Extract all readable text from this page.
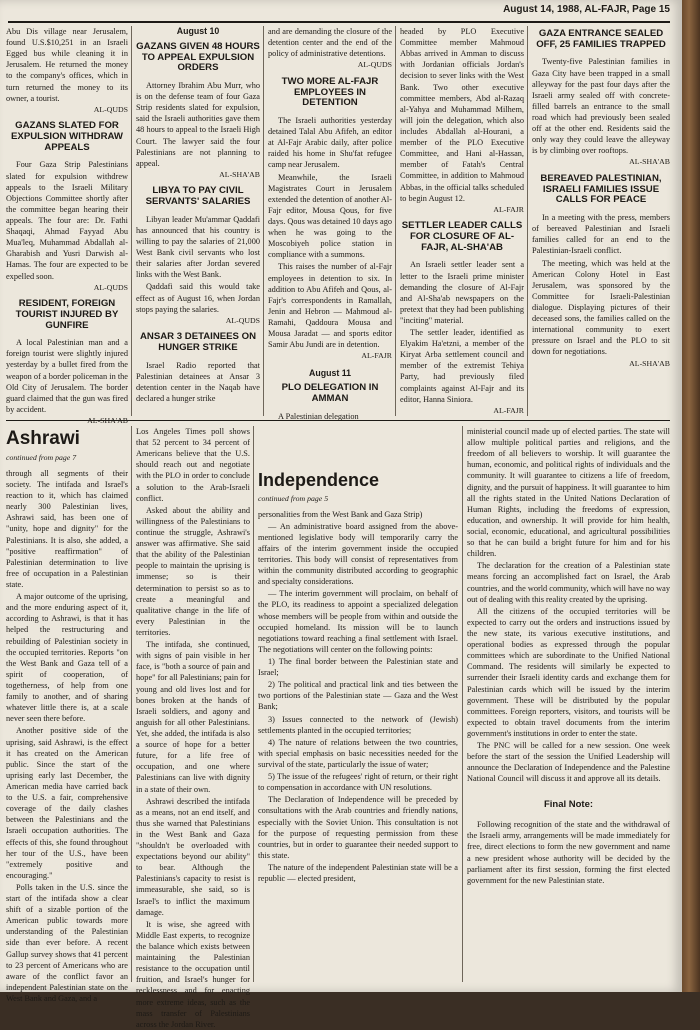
August 14, 1988, AL-FAJR, Page 15

Abu Dis village near Jerusalem, found U.S.$10,251 in an Israeli Egged bus while cleaning it in Jerusalem. He returned the money to the company's offices, which in turn returned the money to its owner, a tourist.

AL-QUDS
GAZANS SLATED FOR EXPULSION WITHDRAW APPEALS

Four Gaza Strip Palestinians slated for expulsion withdrew appeals to the Israeli Military Objections Committee shortly after the committee began hearing their appeals. The four are: Dr. Fathi Shaqaqi, Ahmad Fayyad Abu Mua'leq, Muhammad Abdallah al-Gharabish and Yusri Darwish al-Hamas. The four are expected to be expelled soon.

AL-QUDS
RESIDENT, FOREIGN TOURIST INJURED BY GUNFIRE

A local Palestinian man and a foreign tourist were slightly injured yesterday by a bullet fired from the weapon of a border policeman in the Old City of Jerusalem. The border guard claimed that the gun was fired by accident.

AL-SHA'AB
August 10
GAZANS GIVEN 48 HOURS TO APPEAL EXPULSION ORDERS

Attorney Ibrahim Abu Murr, who is on the defense team of four Gaza Strip residents slated for expulsion, said the Israeli authorities gave them 48 hours to appeal to the Israeli High Court. The lawyer said the four Palestinians are not planning to appeal.

AL-SHA'AB
LIBYA TO PAY CIVIL SERVANTS' SALARIES

Libyan leader Mu'ammar Qaddafi has announced that his country is willing to pay the salaries of 21,000 West Bank civil servants who lost their salaries after Jordan severed links with the West Bank.

Qaddafi said this would take effect as of August 16, when Jordan stops paying the salaries.

AL-QUDS
ANSAR 3 DETAINEES ON HUNGER STRIKE

Israel Radio reported that Palestinian detainees at Ansar 3 detention center in the Naqab have declared a hunger strike

and are demanding the closure of the detention center and the end of the policy of administrative detentions.

AL-QUDS
TWO MORE AL-FAJR EMPLOYEES IN DETENTION

The Israeli authorities yesterday detained Talal Abu Afifeh, an editor at Al-Fajr Arabic daily, after police raided his home in Shu'fat refugee camp near Jerusalem.

Meanwhile, the Israeli Magistrates Court in Jerusalem extended the detention of another Al-Fajr editor, Mousa Qous, for five days. Qous was detained 10 days ago when he was going to the Moscobiyeh police station in compliance with a summons.

This raises the number of al-Fajr employees in detention to six. In addition to Abu Afifeh and Qous, al-Fajr's correspondents in Ramallah, Jenin and Hebron — Mahmoud al-Ramahi, Qaddoura Mousa and Mousa Jaradat — and sports editor Samir Abu Jundi are in detention.

AL-FAJR
August 11
PLO DELEGATION IN AMMAN

A Palestinian delegation

headed by PLO Executive Committee member Mahmoud Abbas arrived in Amman to discuss with Jordanian officials Jordan's decision to sever links with the West Bank. Two other executive committee members, Abd al-Razaq al-Yahya and Muhammad Milhem, will join the delegation, which also includes Abdallah al-Hourani, a member of the PLO Executive Committee, and Hani al-Hassan, member of Fatah's Central Committee, in addition to Mahmoud Abbas, in the official talks scheduled to begin August 12.

AL-FAJR
SETTLER LEADER CALLS FOR CLOSURE OF AL-FAJR, AL-SHA'AB

An Israeli settler leader sent a letter to the Israeli prime minister demanding the closure of Al-Fajr and Al-Sha'ab newspapers on the pretext that they had been publishing "inciting" material.

The settler leader, identified as Elyakim Ha'etzni, a member of the Kiryat Arba settlement council and member of the extremist Tehiya Party, had previously filed complaints against Al-Fajr and its editor, Hanna Siniora.

AL-FAJR
GAZA ENTRANCE SEALED OFF, 25 FAMILIES TRAPPED

Twenty-five Palestinian families in Gaza City have been trapped in a small alleyway for the past four days after the Israeli army sealed off with concrete-filled barrels an entrance to the small road which had previously been sealed off at the other end. Residents said the only way they could leave the alleyway is by climbing over rooftops.

AL-SHA'AB
BEREAVED PALESTINIAN, ISRAELI FAMILIES ISSUE CALLS FOR PEACE

In a meeting with the press, members of bereaved Palestinian and Israeli families called for an end to the Palestinian-Israeli conflict.

The meeting, which was held at the American Colony Hotel in East Jerusalem, was sponsored by the Committee for Israeli-Palestinian dialogue. Displaying pictures of their deceased sons, the families called on the international community to exert pressure on Israel and the PLO to sit down for negotiations.

AL-SHA'AB
Ashrawi
continued from page 7

through all segments of their society. The intifada and Israel's reaction to it, which has claimed nearly 300 Palestinian lives, Ashrawi said, has been one of "unity, hope and dignity" for the Palestinians. It is also, she added, a "positive reaffirmation" of Palestinian determination to live free of occupation in a Palestinian state.

A major outcome of the uprising, and the more enduring aspect of it, according to Ashrawi, is that it has helped the restructuring and rebuilding of Palestinian society in the occupied territories. Reports "on the West Bank and Gaza tell of a spirit of cooperation, of togetherness, of help from one family to another, and of sharing whatever little there is, at a scale never seen there before.

Another positive side of the uprising, said Ashrawi, is the effect it has created on the American public. Since the start of the uprising early last December, the American media have carried back to the U.S. a fair, comprehensive coverage of the daily clashes between the Palestinians and the Israeli occupation authorities. The effects of this, she found throughout her tour of the U.S., have been "extremely positive and encouraging."

Polls taken in the U.S. since the start of the intifada show a clear shift of a sizable portion of the American public towards more understanding of the Palestinian side than ever before. A recent Gallup survey shows that 41 percent to 23 percent of Americans who are aware of the conflict favor an independent Palestinian state on the West Bank and Gaza, and a

Los Angeles Times poll shows that 52 percent to 34 percent of Americans believe that the U.S. should reach out and negotiate with the PLO in order to conclude a solution to the Arab-Israeli conflict.

Asked about the ability and willingness of the Palestinians to continue the struggle, Ashrawi's answer was affirmative. She said that the ability of the Palestinian people to maintain the uprising is immense; so is their determination to persist so as to create a meaningful and qualitative change in the life of every Palestinian in the territories.

The intifada, she continued, with signs of pain visible in her face, is "both a source of pain and hope" for all Palestinians; pain for young and old lives lost and for bones broken at the hands of Israeli soldiers, and agony and anguish for all other Palestinians. Yet, she added, the intifada is also a source of hope for a better future, for a life free of occupation, and one where Palestinians can live with dignity in a state of their own.

Ashrawi described the intifada as a means, not an end itself, and thus she warned that Palestinians in the West Bank and Gaza "shouldn't be overloaded with expectations beyond our ability" to bear. Although the Palestinians's capacity to resist is immeasurable, she said, so is Israel's to inflict the maximum damage.

It is wise, she agreed with Middle East experts, to recognize the balance which exists between maintaining the Palestinian resistance to the occupation until fruition, and Israel's hunger for recklessness and for enacting more extreme ideas, such as the mass transfer of Palestinians across the Jordan River.

Independence
continued from page 5

personalities from the West Bank and Gaza Strip)

— An administrative board assigned from the above-mentioned legislative body will temporarily carry the affairs of the interim government inside the occupied territories. This body will consist of representatives from within the community distributed according to geographic and specialty considerations.

— The interim government will proclaim, on behalf of the PLO, its readiness to appoint a specialized delegation whose members will be people from within and outside the occupied homeland. Its mission will be to launch negotiations toward reaching a final settlement with Israel. The negotiations will center on the following points:

1) The final border between the Palestinian state and Israel;

2) The political and practical link and ties between the two portions of the Palestinian state — Gaza and the West Bank;

3) Issues connected to the network of (Jewish) settlements planted in the occupied territories;

4) The nature of relations between the two countries, with special emphasis on basic necessities needed for the survival of the state, particularly the issue of water;

5) The issue of the refugees' right of return, or their right to compensation in accordance with UN resolutions.

The Declaration of Independence will be preceded by consultations with the Arab countries and friendly nations, especially with the Soviet Union. This consultation is not for the purpose of requesting permission from these countries, but in order to guarantee their needed support to this state.

The nature of the independent Palestinian state will be a republic — elected president,

ministerial council made up of elected parties. The state will allow multiple political parties and religions, and the freedom of all believers to worship. It will guarantee the human, economic, and political rights of individuals and the community. It will guarantee to citizens a life of freedom, dignity, and the pursuit of happiness. It will guarantee to him all the rights stated in the United Nations Declaration of Human Rights, including the freedoms of expression, education, and ownership. It will provide for him health, social, economic, educational, and agricultural possibilities so that he can build a bright future for him and for his children.

The declaration for the creation of a Palestinian state means forcing an accomplished fact on Israel, the Arab countries, and the world community, which will have no way out of dealing with this reality created by the uprising.

All the citizens of the occupied territories will be expected to carry out the orders and instructions issued by the new state, its various executive institutions, and operational bodies as expressed through the popular committees which are subordinate to the Unified National Command. The residents will similarly be expected to surrender their Israeli identity cards and exchange them for Palestinian cards which will be issued by the interim government. These will be distributed by the popular committees. Foreign reporters, visitors, and tourists will be expected to obtain travel documents from the interim government's institutions in order to enter the state.

The PNC will be called for a new session. One week before the start of the session the Unified Leadership will announce the Declaration of Independence and the Palestine National Council will discuss it and approve all its details.

Final Note:

Following recognition of the state and the withdrawal of the Israeli army, arrangements will be made immediately for free, direct elections to form the new government and name a new president whose authority will be decided by the parliament after its first session, forming the first elected government for the new Palestinian state.
